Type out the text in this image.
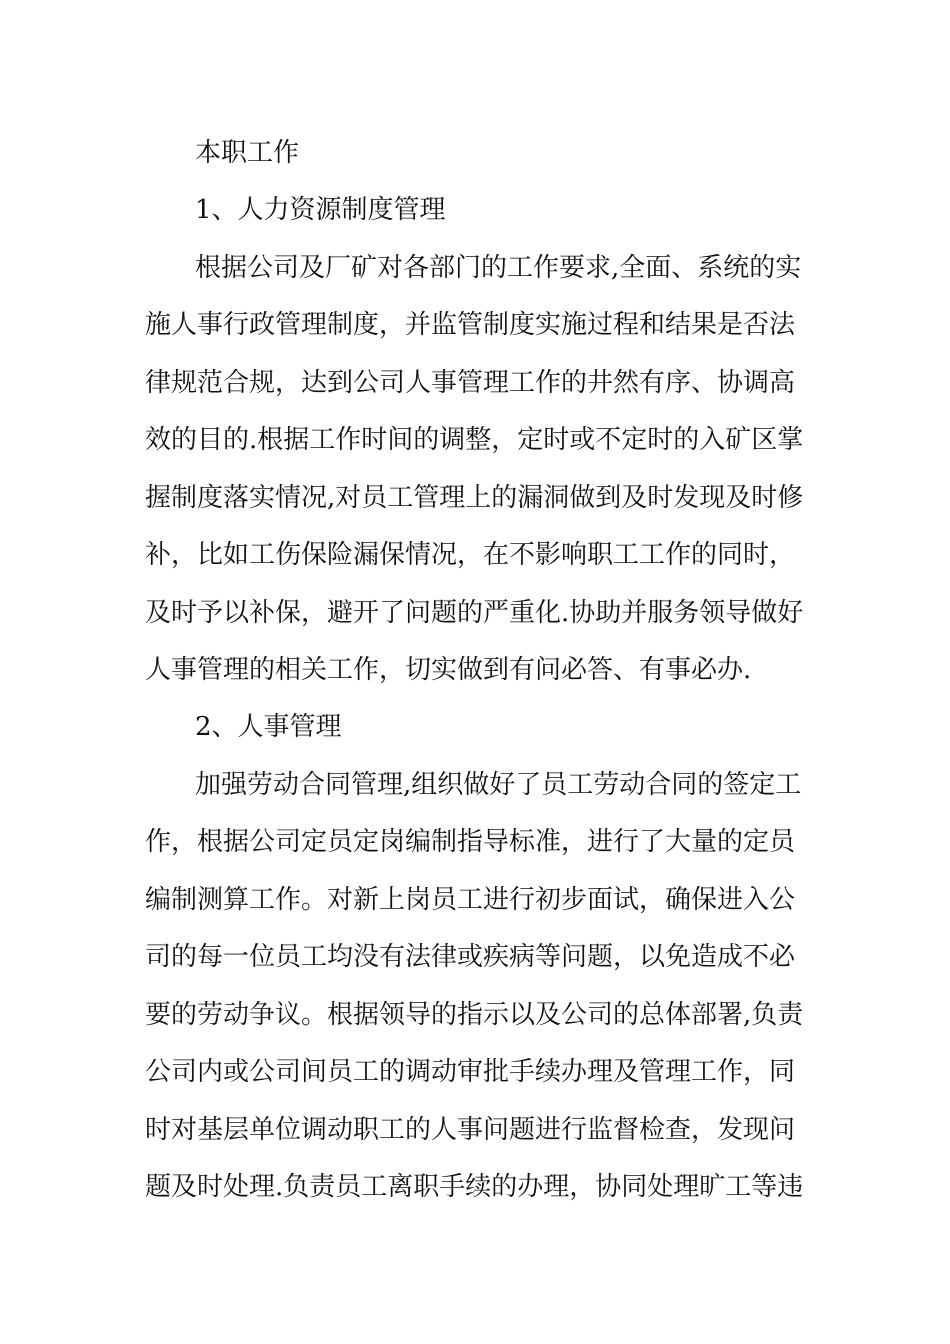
本职工作
1、人力资源制度管理
根据公司及厂矿对各部门的工作要求,全面、系统的实
施人事行政管理制度，并监管制度实施过程和结果是否法
律规范合规，达到公司人事管理工作的井然有序、协调高
效的目的.根据工作时间的调整，定时或不定时的入矿区掌
握制度落实情况,对员工管理上的漏洞做到及时发现及时修
补，比如工伤保险漏保情况，在不影响职工工作的同时，
及时予以补保，避开了问题的严重化.协助并服务领导做好
人事管理的相关工作，切实做到有问必答、有事必办.
2、人事管理
加强劳动合同管理,组织做好了员工劳动合同的签定工
作，根据公司定员定岗编制指导标准，进行了大量的定员
编制测算工作。对新上岗员工进行初步面试，确保进入公
司的每一位员工均没有法律或疾病等问题，以免造成不必
要的劳动争议。根据领导的指示以及公司的总体部署,负责
公司内或公司间员工的调动审批手续办理及管理工作，同
时对基层单位调动职工的人事问题进行监督检查，发现问
题及时处理.负责员工离职手续的办理，协同处理旷工等违
